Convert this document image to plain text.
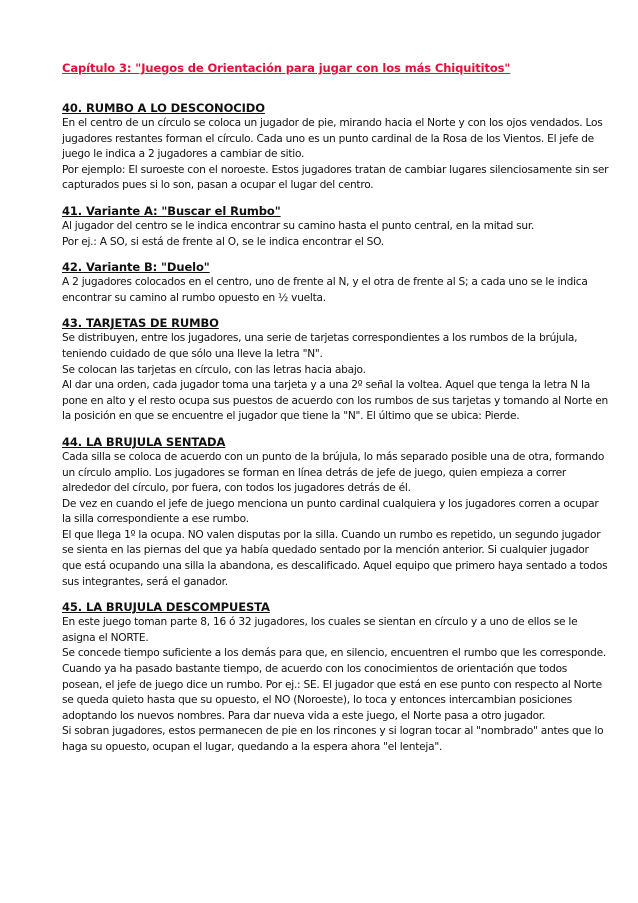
Capítulo 3: "Juegos de Orientación para jugar con los más Chiquititos"
40. RUMBO A LO DESCONOCIDO

En el centro de un círculo se coloca un jugador de pie, mirando hacia el Norte y con los ojos vendados. Los jugadores restantes forman el círculo. Cada uno es un punto cardinal de la Rosa de los Vientos. El jefe de juego le indica a 2 jugadores a cambiar de sitio.

Por ejemplo: El suroeste con el noroeste. Estos jugadores tratan de cambiar lugares silenciosamente sin ser capturados pues si lo son, pasan a ocupar el lugar del centro.

41. Variante A: "Buscar el Rumbo"

Al jugador del centro se le indica encontrar su camino hasta el punto central, en la mitad sur.

Por ej.: A SO, si está de frente al O, se le indica encontrar el SO.

42. Variante B: "Duelo"

A 2 jugadores colocados en el centro, uno de frente al N, y el otra de frente al S; a cada uno se le indica encontrar su camino al rumbo opuesto en ½ vuelta.

43. TARJETAS DE RUMBO

Se distribuyen, entre los jugadores, una serie de tarjetas correspondientes a los rumbos de la brújula, teniendo cuidado de que sólo una lleve la letra "N".

Se colocan las tarjetas en círculo, con las letras hacia abajo.

Al dar una orden, cada jugador toma una tarjeta y a una 2º señal la voltea. Aquel que tenga la letra N la pone en alto y el resto ocupa sus puestos de acuerdo con los rumbos de sus tarjetas y tomando al Norte en la posición en que se encuentre el jugador que tiene la "N". El último que se ubica: Pierde.

44. LA BRUJULA SENTADA

Cada silla se coloca de acuerdo con un punto de la brújula, lo más separado posible una de otra, formando un círculo amplio. Los jugadores se forman en línea detrás de jefe de juego, quien empieza a correr alrededor del círculo, por fuera, con todos los jugadores detrás de él.

De vez en cuando el jefe de juego menciona un punto cardinal cualquiera y los jugadores corren a ocupar la silla correspondiente a ese rumbo.

El que llega 1º la ocupa. NO valen disputas por la silla. Cuando un rumbo es repetido, un segundo jugador se sienta en las piernas del que ya había quedado sentado por la mención anterior. Si cualquier jugador que está ocupando una silla la abandona, es descalificado. Aquel equipo que primero haya sentado a todos sus integrantes, será el ganador.

45. LA BRUJULA DESCOMPUESTA

En este juego toman parte 8, 16 ó 32 jugadores, los cuales se sientan en círculo y a uno de ellos se le asigna el NORTE.

Se concede tiempo suficiente a los demás para que, en silencio, encuentren el rumbo que les corresponde.

Cuando ya ha pasado bastante tiempo, de acuerdo con los conocimientos de orientación que todos posean, el jefe de juego dice un rumbo. Por ej.: SE. El jugador que está en ese punto con respecto al Norte se queda quieto hasta que su opuesto, el NO (Noroeste), lo toca y entonces intercambian posiciones adoptando los nuevos nombres. Para dar nueva vida a este juego, el Norte pasa a otro jugador.

Si sobran jugadores, estos permanecen de pie en los rincones y si logran tocar al "nombrado" antes que lo haga su opuesto, ocupan el lugar, quedando a la espera ahora "el lenteja".
